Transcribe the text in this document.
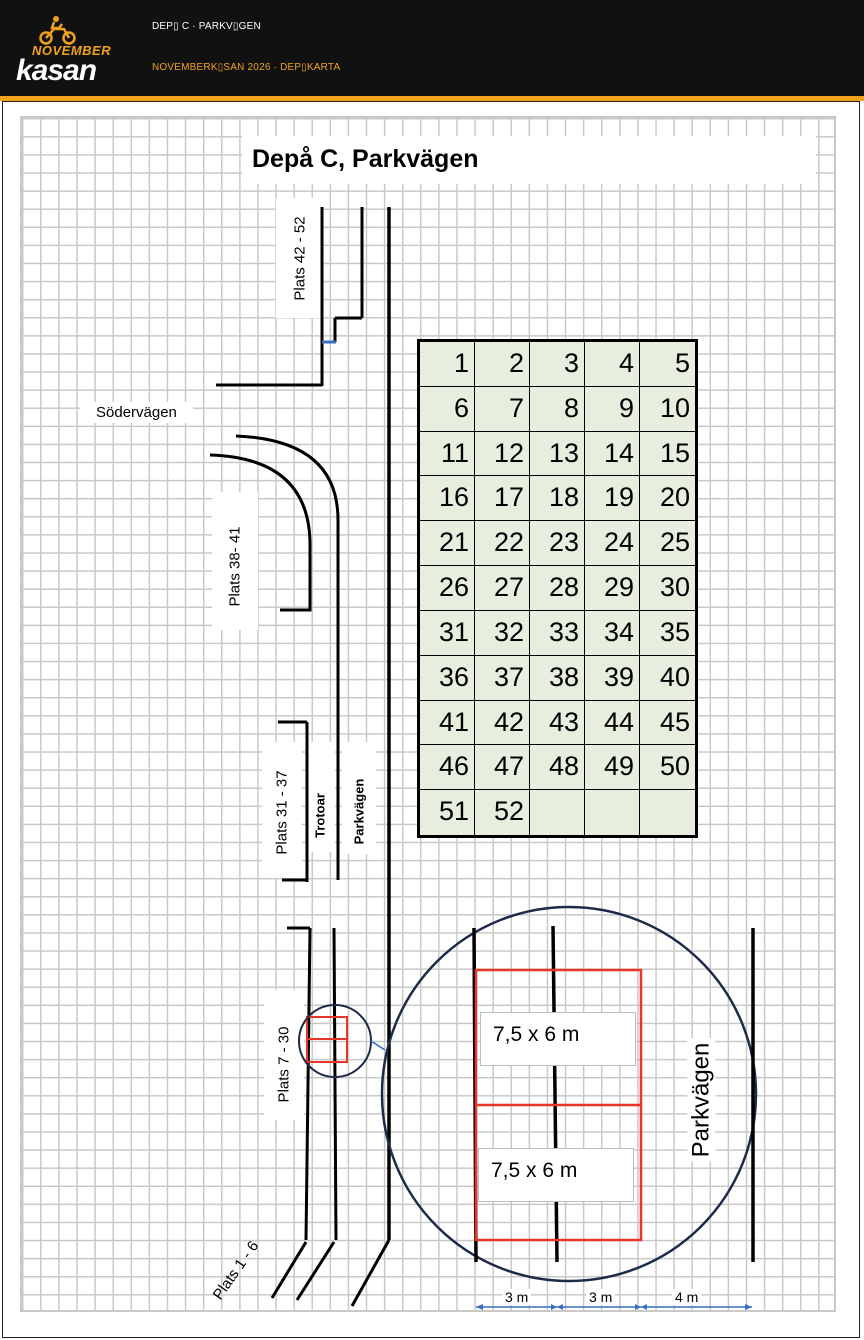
NOVEMBER
kasan
DEP▯ C · PARKV▯GEN
NOVEMBERK▯SAN 2026 · DEP▯KARTA
Depå C, Parkvägen
Plats 42 - 52
Södervägen
Plats 38- 41
Plats 31 - 37 Trotoar Parkvägen
Plats 7 - 30
Plats 1 - 6
1	2	3	4	5
6	7	8	9 10
11 12 13 14 15
16 17 18 19 20
21 22 23 24 25
26 27 28 29 30
31 32 33 34 35
36 37 38 39 40
41 42 43 44 45
46 47 48 49 50
51 52
7,5 x 6 m
7,5 x 6 m
Parkvägen
3 m	3 m	4 m
